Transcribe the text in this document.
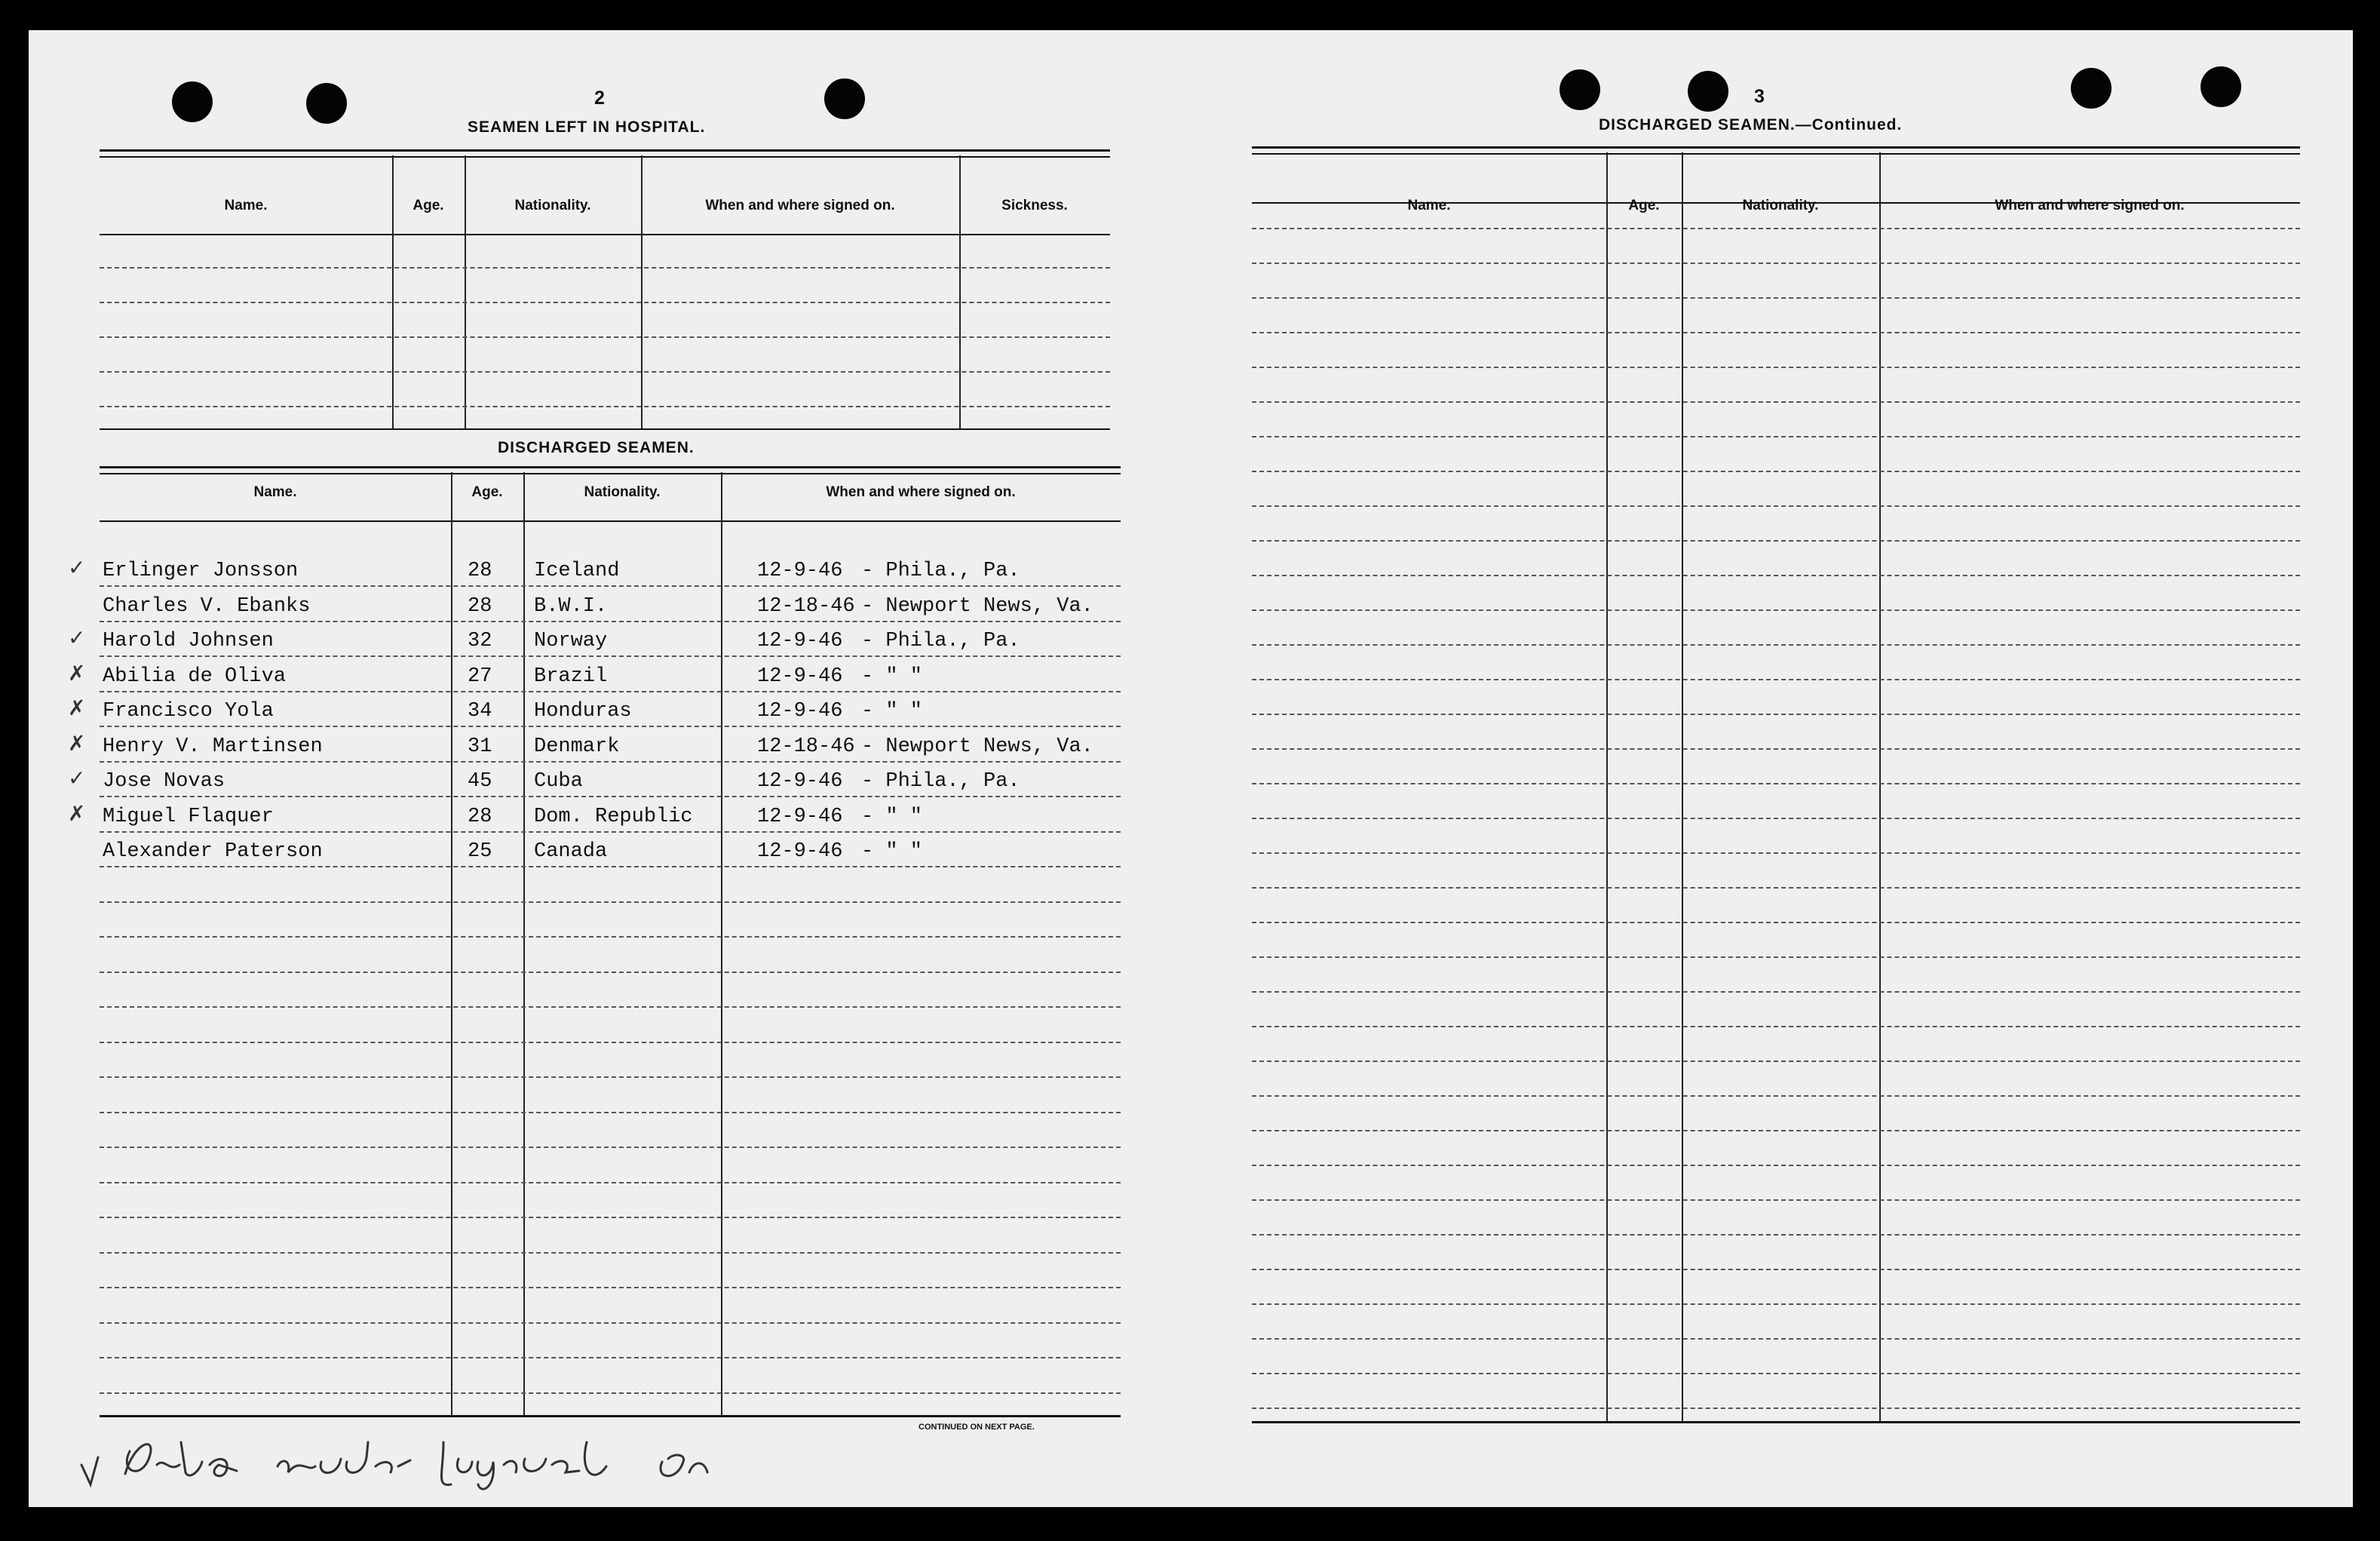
2
SEAMEN LEFT IN HOSPITAL.
Name.	Age.	Nationality.	When and where signed on.	Sickness.
DISCHARGED SEAMEN.
Name.	Age.	Nationality.	When and where signed on.
✓ Erlinger Jonsson	28 Iceland	12-9-46 - Phila., Pa.
Charles V. Ebanks	28 B.W.I.	12-18-46 - Newport News, Va.
✓ Harold Johnsen	32 Norway	12-9-46 - Phila., Pa.
✗ Abilia de Oliva	27 Brazil	12-9-46 - " "
✗ Francisco Yola	34 Honduras	12-9-46 - " "
✗ Henry V. Martinsen	31 Denmark	12-18-46 - Newport News, Va.
✓ Jose Novas	45 Cuba	12-9-46 - Phila., Pa.
✗ Miguel Flaquer	28 Dom. Republic	12-9-46 - " "
Alexander Paterson	25 Canada	12-9-46 - " "
CONTINUED ON NEXT PAGE.
3
DISCHARGED SEAMEN.—Continued.
Name.	Age.	Nationality.	When and where signed on.
